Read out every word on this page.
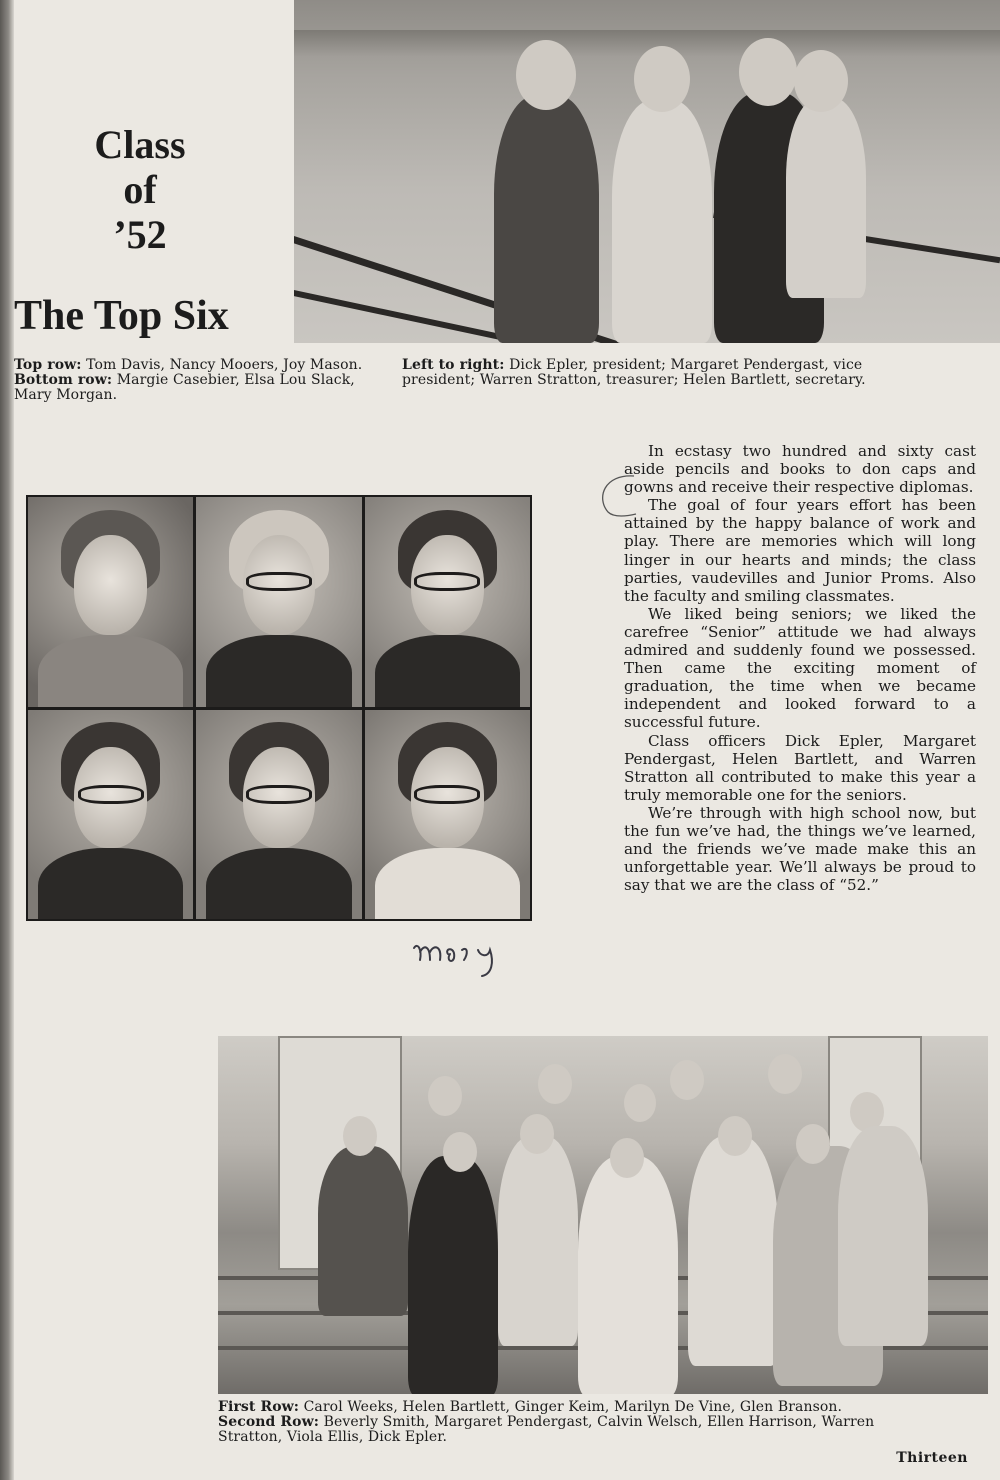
Class
of
’52
The Top Six
Top row: Tom Davis, Nancy Mooers, Joy Mason.
Bottom row: Margie Casebier, Elsa Lou Slack, Mary Morgan.
Left to right: Dick Epler, president; Margaret Pendergast, vice president; Warren Stratton, treasurer; Helen Bartlett, secretary.

In ecstasy two hundred and sixty cast aside pencils and books to don caps and gowns and receive their respective diplomas.

The goal of four years effort has been attained by the happy balance of work and play. There are memories which will long linger in our hearts and minds; the class parties, vaudevilles and Junior Proms. Also the faculty and smiling classmates.

We liked being seniors; we liked the carefree “Senior” attitude we had always admired and suddenly found we possessed. Then came the exciting moment of graduation, the time when we became independent and looked forward to a successful future.

Class officers Dick Epler, Margaret Pendergast, Helen Bartlett, and Warren Stratton all contributed to make this year a truly memorable one for the seniors.

We’re through with high school now, but the fun we’ve had, the things we’ve learned, and the friends we’ve made make this an unforgettable year. We’ll always be proud to say that we are the class of “52.”

First Row: Carol Weeks, Helen Bartlett, Ginger Keim, Marilyn De Vine, Glen Branson.
Second Row: Beverly Smith, Margaret Pendergast, Calvin Welsch, Ellen Harrison, Warren Stratton, Viola Ellis, Dick Epler.
Thirteen
